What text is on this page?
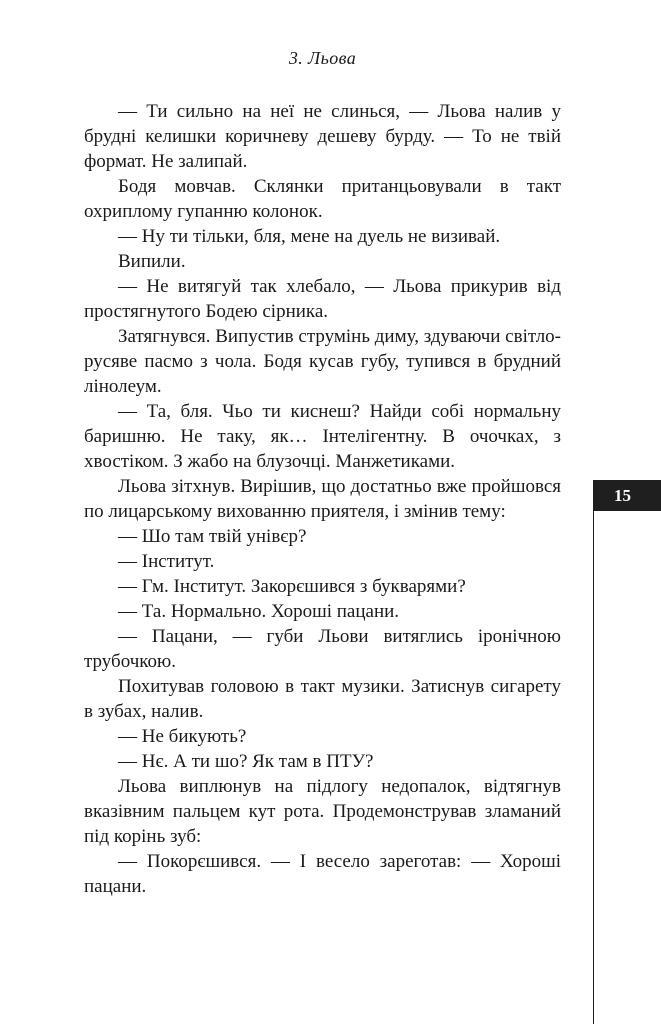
3. Льова

— Ти сильно на неї не слинься, — Льова налив у брудні келишки коричневу дешеву бурду. — То не твій формат. Не залипай.

Бодя мовчав. Склянки пританцьовували в такт охриплому гупанню колонок.

— Ну ти тільки, бля, мене на дуель не визивай.

Випили.

— Не витягуй так хлебало, — Льова прикурив від простягнутого Бодею сірника.

Затягнувся. Випустив струмінь диму, здуваючи світло-русяве пасмо з чола. Бодя кусав губу, тупився в брудний лінолеум.

— Та, бля. Чьо ти киснеш? Найди собі нормальну баришню. Не таку, як… Інтелігентну. В очочках, з хвостіком. З жабо на блузочці. Манжетиками.

Льова зітхнув. Вирішив, що достатньо вже пройшовся по лицарському вихованню приятеля, і змінив тему:

— Шо там твій унівєр?

— Інститут.

— Гм. Інститут. Закорєшився з букварями?

— Та. Нормально. Хороші пацани.

— Пацани, — губи Льови витяглись іронічною трубочкою.

Похитував головою в такт музики. Затиснув сигарету в зубах, налив.

— Не бикують?

— Нє. А ти шо? Як там в ПТУ?

Льова виплюнув на підлогу недопалок, відтягнув вказівним пальцем кут рота. Продемонстрував зламаний під корінь зуб:

— Покорєшився. — І весело зареготав: — Хороші пацани.

15
